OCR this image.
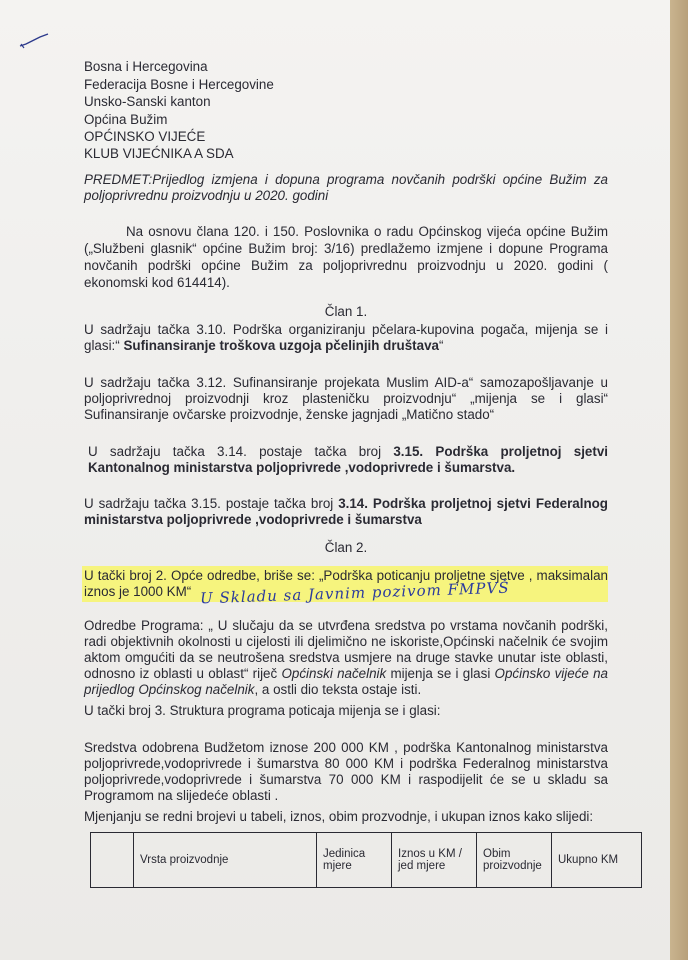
Bosna i Hercegovina
Federacija Bosne i Hercegovine
Unsko-Sanski kanton
Općina Bužim
OPĆINSKO VIJEĆE
KLUB VIJEĆNIKA A SDA
PREDMET:Prijedlog izmjena i dopuna programa novčanih podrški općine Bužim za poljoprivrednu proizvodnju u 2020. godini
Na osnovu člana 120. i 150. Poslovnika o radu Općinskog vijeća općine Bužim („Službeni glasnik“ općine Bužim broj: 3/16) predlažemo izmjene i dopune Programa novčanih podrški općine Bužim za poljoprivrednu proizvodnju u 2020. godini ( ekonomski kod 614414).
Član 1.
U sadržaju tačka 3.10. Podrška organiziranju pčelara-kupovina pogača, mijenja se i glasi:“ Sufinansiranje troškova uzgoja pčelinjih društava“
U sadržaju tačka 3.12. Sufinansiranje projekata Muslim AID-a“ samozapošljavanje u poljoprivrednoj proizvodnji kroz plasteničku proizvodnju“ „mijenja se i glasi“ Sufinansiranje ovčarske proizvodnje, ženske jagnjadi „Matično stado“
U sadržaju tačka 3.14. postaje tačka broj 3.15. Podrška proljetnoj sjetvi Kantonalnog ministarstva poljoprivrede ,vodoprivrede i šumarstva.
U sadržaju tačka 3.15. postaje tačka broj 3.14. Podrška proljetnoj sjetvi Federalnog ministarstva poljoprivrede ,vodoprivrede i šumarstva
Član 2.
U tački broj 2. Opće odredbe, briše se: „Podrška poticanju proljetne sjetve , maksimalan iznos je 1000 KM“ U Skladu sa Javnim pozivom FMPVŠ
Odredbe Programa: „ U slučaju da se utvrđena sredstva po vrstama novčanih podrški, radi objektivnih okolnosti u cijelosti ili djelimično ne iskoriste,Općinski načelnik će svojim aktom omgućiti da se neutrošena sredstva usmjere na druge stavke unutar iste oblasti, odnosno iz oblasti u oblast“ riječ Općinski načelnik mijenja se i glasi Općinsko vijeće na prijedlog Općinskog načelnik, a ostli dio teksta ostaje isti.
U tački broj 3. Struktura programa poticaja mijenja se i glasi:
Sredstva odobrena Budžetom iznose 200 000 KM , podrška Kantonalnog ministarstva poljoprivrede,vodoprivrede i šumarstva 80 000 KM i podrška Federalnog ministarstva poljoprivrede,vodoprivrede i šumarstva 70 000 KM i raspodijelit će se u skladu sa Programom na slijedeće oblasti .
Mjenjanju se redni brojevi u tabeli, iznos, obim prozvodnje, i ukupan iznos kako slijedi:
	Vrsta proizvodnje	Jedinica mjere	Iznos u KM / jed mjere	Obim proizvodnje	Ukupno KM
